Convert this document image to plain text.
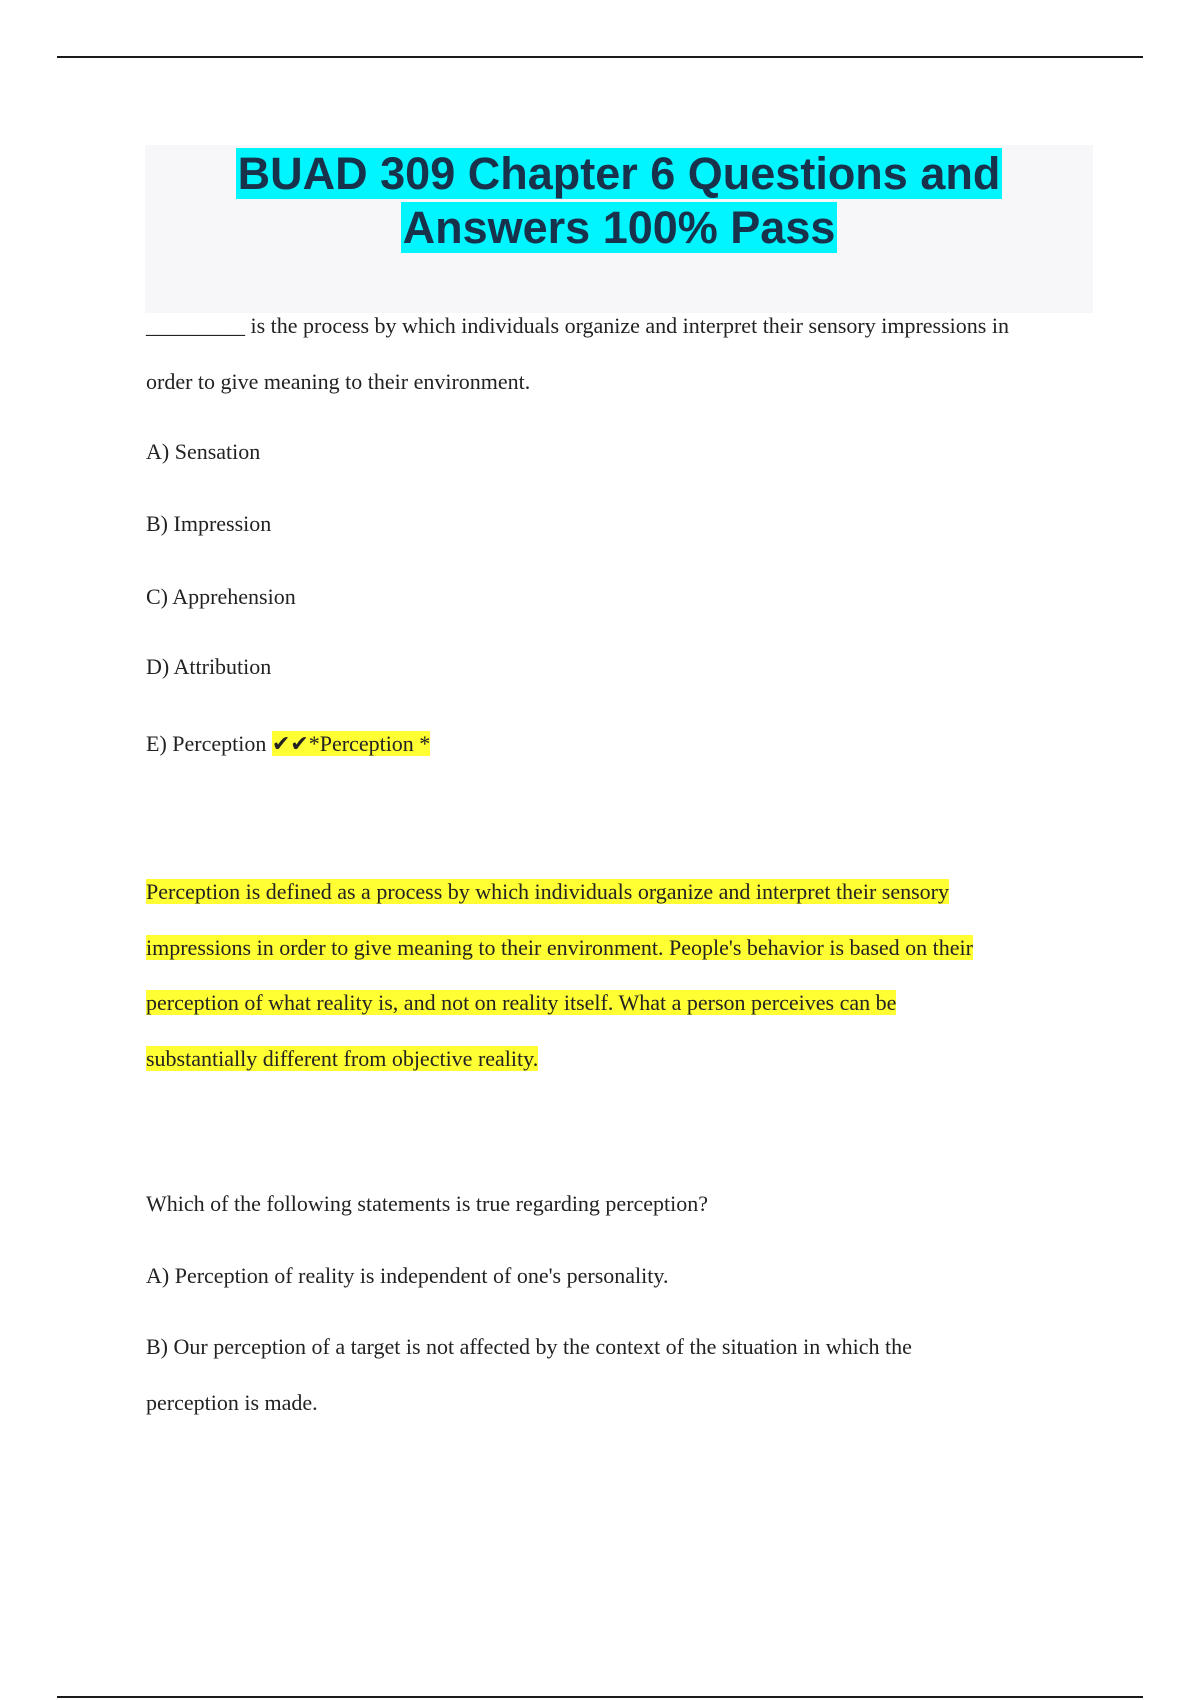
BUAD 309 Chapter 6 Questions and
Answers 100% Pass

_________ is the process by which individuals organize and interpret their sensory impressions in

order to give meaning to their environment.

A) Sensation

B) Impression

C) Apprehension

D) Attribution

E) Perception ✔✔*Perception *

Perception is defined as a process by which individuals organize and interpret their sensory

impressions in order to give meaning to their environment. People's behavior is based on their

perception of what reality is, and not on reality itself. What a person perceives can be

substantially different from objective reality.

Which of the following statements is true regarding perception?

A) Perception of reality is independent of one's personality.

B) Our perception of a target is not affected by the context of the situation in which the

perception is made.
